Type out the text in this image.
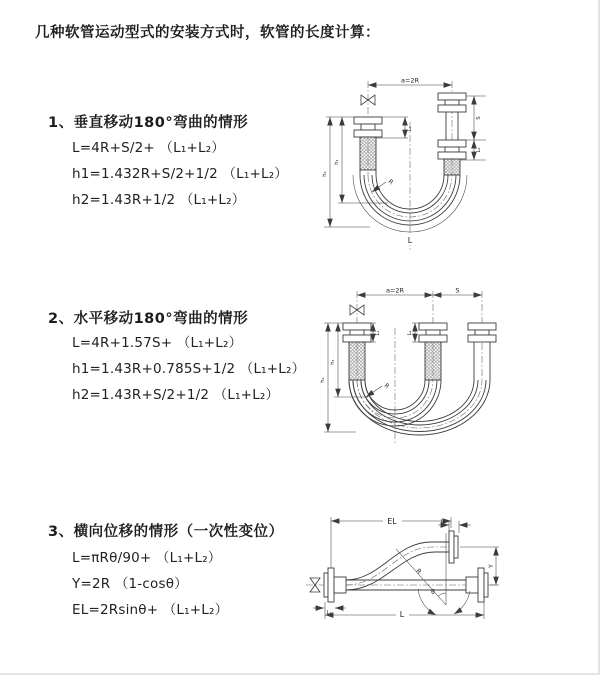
几种软管运动型式的安装方式时，软管的长度计算：
1、垂直移动180°弯曲的情形
L=4R+S/2+ （L₁+L₂）
h1=1.432R+S/2+1/2 （L₁+L₂）
h2=1.43R+1/2 （L₁+L₂）
2、水平移动180°弯曲的情形
L=4R+1.57S+ （L₁+L₂）
h1=1.43R+0.785S+1/2 （L₁+L₂）
h2=1.43R+S/2+1/2 （L₁+L₂）
3、横向位移的情形（一次性变位）
L=πRθ/90+ （L₁+L₂）
Y=2R （1-cosθ）
EL=2Rsinθ+ （L₁+L₂）
a=2R
L₁
S
L₂
h₁
h₂
R
L
a=2R	S
L₁	L₂
h₁
h₂
R
θ
R
EL	L₂
Y
L
L₁
